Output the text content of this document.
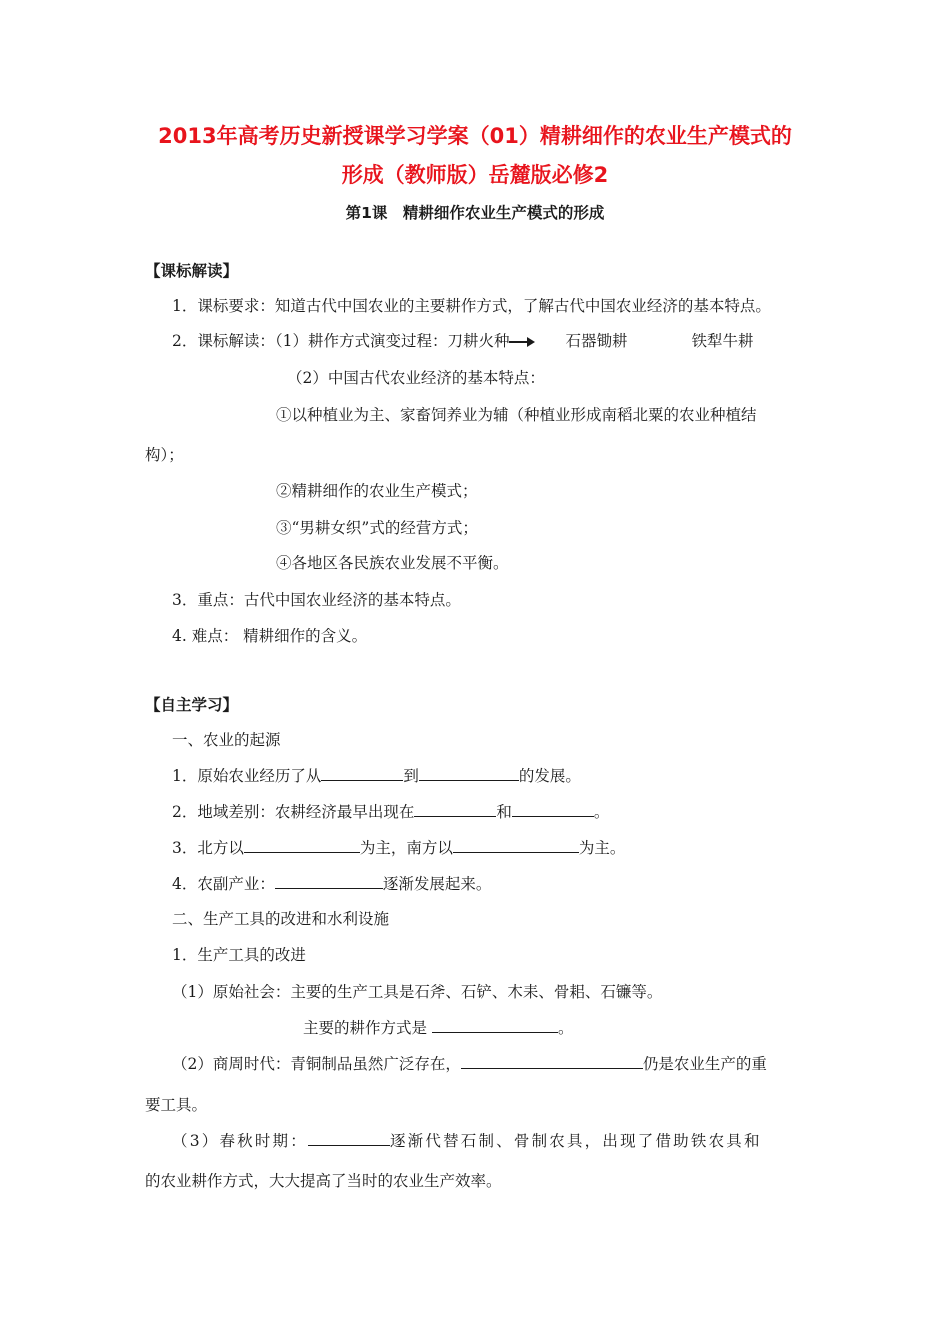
2013年高考历史新授课学习学案（01）精耕细作的农业生产模式的
形成（教师版）岳麓版必修2
第1课　精耕细作农业生产模式的形成
【课标解读】
1．课标要求：知道古代中国农业的主要耕作方式，了解古代中国农业经济的基本特点。
2．课标解读：（1）耕作方式演变过程：刀耕火种	石器锄耕	铁犁牛耕
（2）中国古代农业经济的基本特点：
①以种植业为主、家畜饲养业为辅（种植业形成南稻北粟的农业种植结
构）；
②精耕细作的农业生产模式；
③“男耕女织”式的经营方式；
④各地区各民族农业发展不平衡。
3．重点：古代中国农业经济的基本特点。
4. 难点： 精耕细作的含义。
【自主学习】
一、农业的起源
1．原始农业经历了从	到	的发展。
2．地域差别：农耕经济最早出现在	和	。
3．北方以	为主，南方以	为主。
4．农副产业：	逐渐发展起来。
二、生产工具的改进和水利设施
1．生产工具的改进
（1）原始社会：主要的生产工具是石斧、石铲、木耒、骨耜、石镰等。
主要的耕作方式是	。
（2）商周时代：青铜制品虽然广泛存在，	仍是农业生产的重
要工具。
（3）春秋时期：	逐渐代替石制、骨制农具，出现了借助铁农具和
的农业耕作方式，大大提高了当时的农业生产效率。
